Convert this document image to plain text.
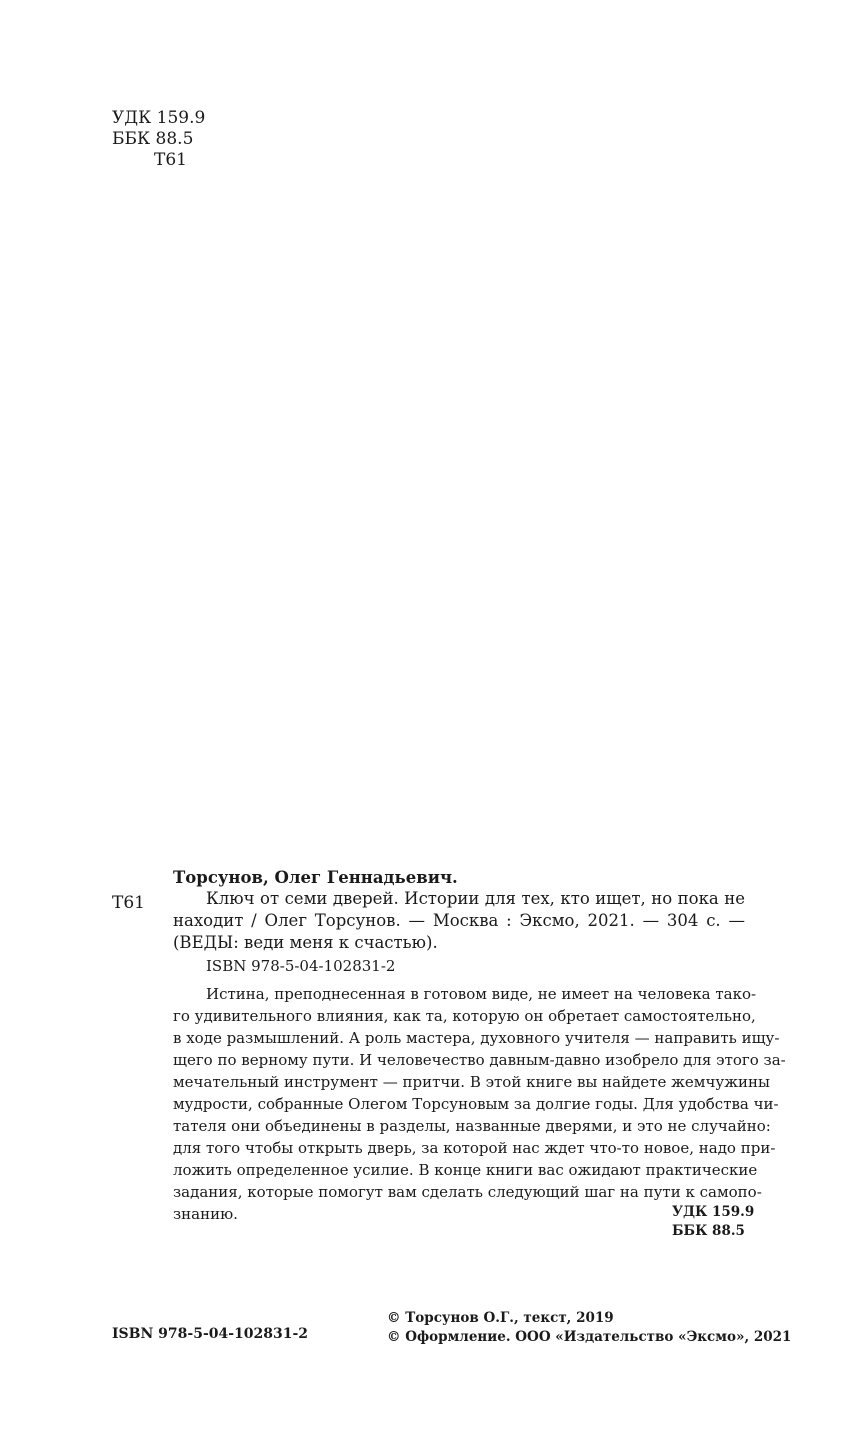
УДК 159.9
ББК 88.5
Т61
Торсунов, Олег Геннадьевич.
Т61	Ключ от семи дверей. Истории для тех, кто ищет, но пока не
находит / Олег Торсунов. — Москва : Эксмо, 2021. — 304 с. —
(ВЕДЫ: веди меня к счастью).
ISBN 978-5-04-102831-2
Истина, преподнесенная в готовом виде, не имеет на человека тако-
го удивительного влияния, как та, которую он обретает самостоятельно,
в ходе размышлений. А роль мастера, духовного учителя — направить ищу-
щего по верному пути. И человечество давным-давно изобрело для этого за-
мечательный инструмент — притчи. В этой книге вы найдете жемчужины
мудрости, собранные Олегом Торсуновым за долгие годы. Для удобства чи-
тателя они объединены в разделы, названные дверями, и это не случайно:
для того чтобы открыть дверь, за которой нас ждет что-то новое, надо при-
ложить определенное усилие. В конце книги вас ожидают практические
задания, которые помогут вам сделать следующий шаг на пути к самопо-
знанию.	УДК 159.9
ББК 88.5
ISBN 978-5-04-102831-2
© Торсунов О.Г., текст, 2019
© Оформление. ООО «Издательство «Эксмо», 2021
